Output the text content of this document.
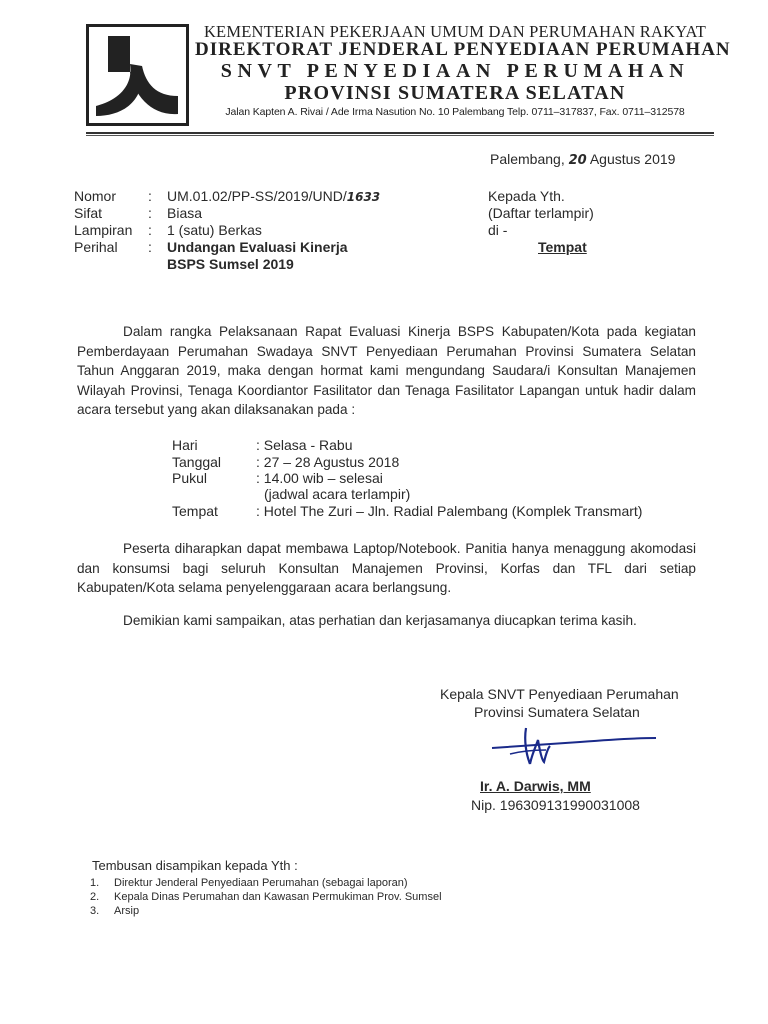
KEMENTERIAN PEKERJAAN UMUM DAN PERUMAHAN RAKYAT
DIREKTORAT JENDERAL PENYEDIAAN PERUMAHAN
SNVT PENYEDIAAN PERUMAHAN
PROVINSI SUMATERA SELATAN
Jalan Kapten A. Rivai / Ade Irma Nasution No. 10 Palembang Telp. 0711–317837, Fax. 0711–312578
Palembang, 20 Agustus 2019
Nomor : UM.01.02/PP-SS/2019/UND/1633
Sifat	: Biasa
Lampiran : 1 (satu) Berkas
Perihal : Undangan Evaluasi Kinerja
BSPS Sumsel 2019
Kepada Yth.
(Daftar terlampir)
di -
Tempat

Dalam rangka Pelaksanaan Rapat Evaluasi Kinerja BSPS Kabupaten/Kota pada kegiatan Pemberdayaan Perumahan Swadaya SNVT Penyediaan Perumahan Provinsi Sumatera Selatan Tahun Anggaran 2019, maka dengan hormat kami mengundang Saudara/i Konsultan Manajemen Wilayah Provinsi, Tenaga Koordiantor Fasilitator dan Tenaga Fasilitator Lapangan untuk hadir dalam acara tersebut yang akan dilaksanakan pada :

Hari	: Selasa - Rabu
Tanggal : 27 – 28 Agustus 2018
Pukul	: 14.00 wib – selesai
(jadwal acara terlampir)
Tempat	: Hotel The Zuri – Jln. Radial Palembang (Komplek Transmart)

Peserta diharapkan dapat membawa Laptop/Notebook. Panitia hanya menaggung akomodasi dan konsumsi bagi seluruh Konsultan Manajemen Provinsi, Korfas dan TFL dari setiap Kabupaten/Kota selama penyelenggaraan acara berlangsung.

Demikian kami sampaikan, atas perhatian dan kerjasamanya diucapkan terima kasih.

Kepala SNVT Penyediaan Perumahan
Provinsi Sumatera Selatan
Ir. A. Darwis, MM
Nip. 196309131990031008
Tembusan disampikan kepada Yth :
1. Direktur Jenderal Penyediaan Perumahan (sebagai laporan)
2. Kepala Dinas Perumahan dan Kawasan Permukiman Prov. Sumsel
3. Arsip
